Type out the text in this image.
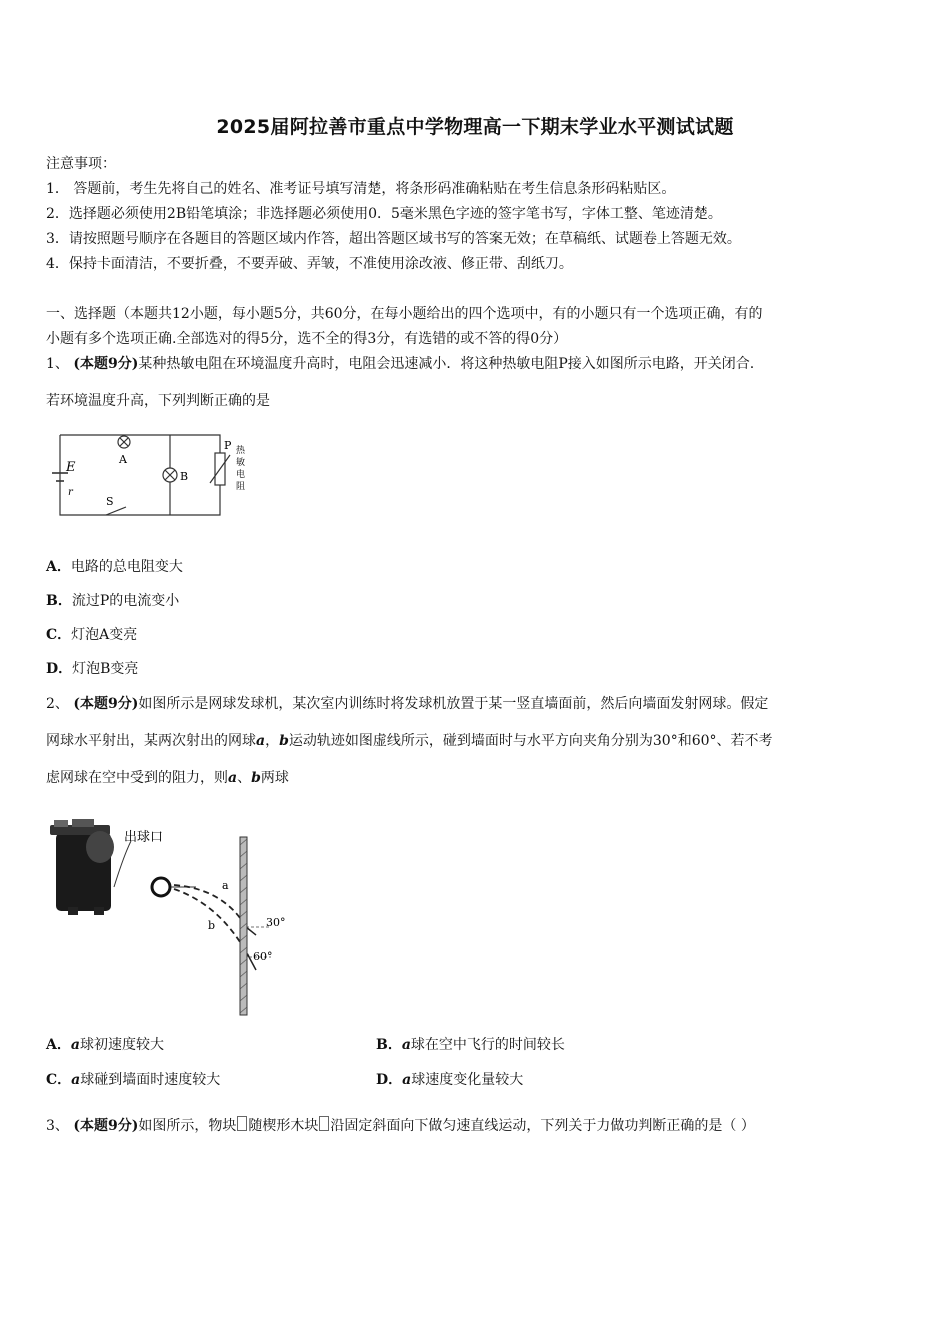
2025届阿拉善市重点中学物理高一下期末学业水平测试试题
注意事项：
1． 答题前，考生先将自己的姓名、准考证号填写清楚，将条形码准确粘贴在考生信息条形码粘贴区。
2．选择题必须使用2B铅笔填涂；非选择题必须使用0．5毫米黑色字迹的签字笔书写，字体工整、笔迹清楚。
3．请按照题号顺序在各题目的答题区域内作答，超出答题区域书写的答案无效；在草稿纸、试题卷上答题无效。
4．保持卡面清洁，不要折叠，不要弄破、弄皱，不准使用涂改液、修正带、刮纸刀。
一、选择题（本题共12小题，每小题5分，共60分，在每小题给出的四个选项中，有的小题只有一个选项正确，有的
小题有多个选项正确.全部选对的得5分，选不全的得3分，有选错的或不答的得0分）
1、 (本题9分)某种热敏电阻在环境温度升高时，电阻会迅速减小．将这种热敏电阻P接入如图所示电路，开关闭合.
若环境温度升高，下列判断正确的是
E
r
A
B
S
P 热
敏
电
阻
A．电路的总电阻变大
B．流过P的电流变小
C．灯泡A变亮
D．灯泡B变亮
2、 (本题9分)如图所示是网球发球机，某次室内训练时将发球机放置于某一竖直墙面前，然后向墙面发射网球。假定
网球水平射出，某两次射出的网球a，b运动轨迹如图虚线所示，碰到墙面时与水平方向夹角分别为30°和60°、若不考
虑网球在空中受到的阻力，则a、b两球
出球口
a
b	30°
60°
A．a球初速度较大	B．a球在空中飞行的时间较长
C．a球碰到墙面时速度较大	D．a球速度变化量较大
3、 (本题9分)如图所示，物块 随楔形木块 沿固定斜面向下做匀速直线运动，下列关于力做功判断正确的是（ ）
